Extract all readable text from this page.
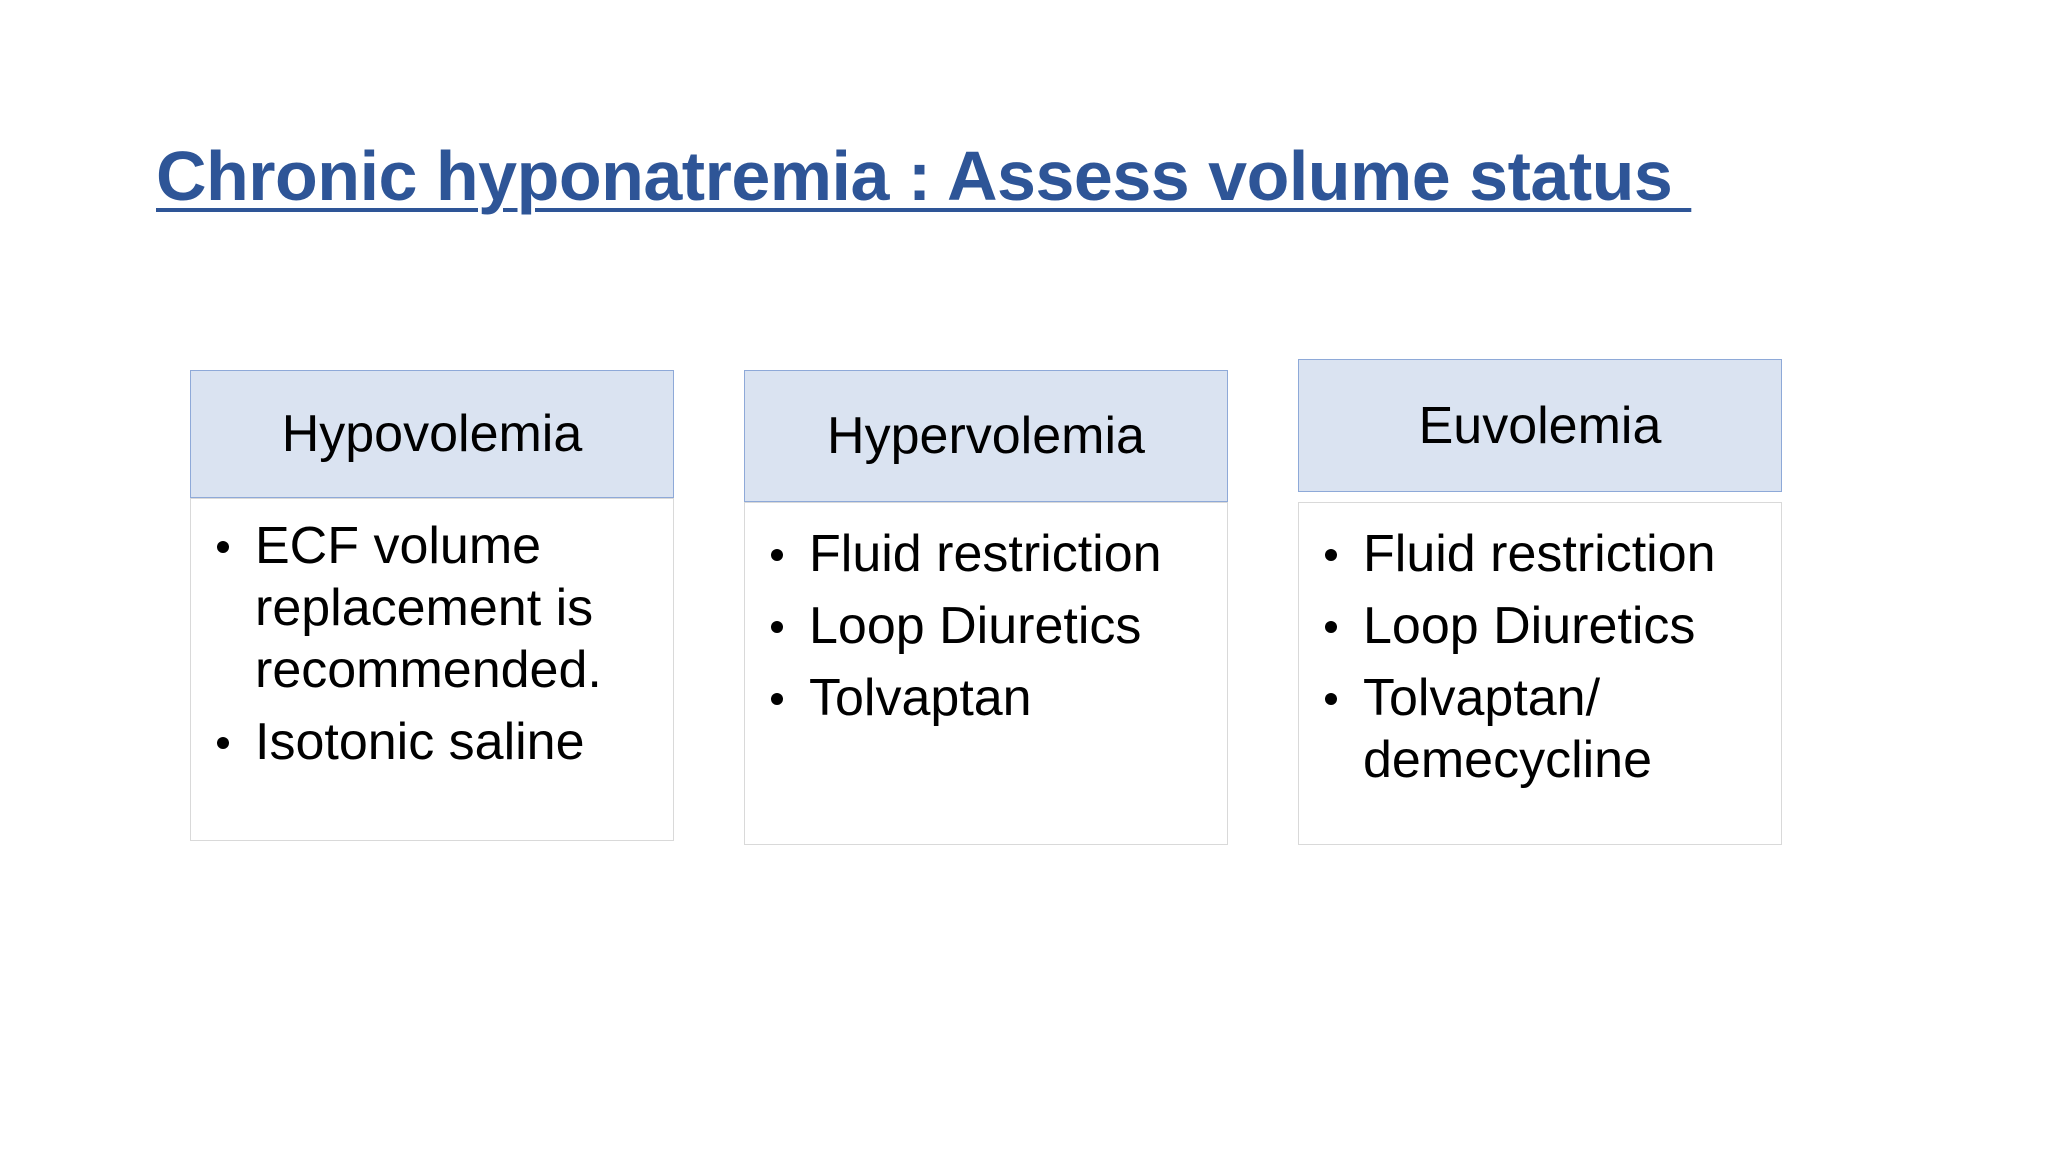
Chronic hyponatremia : Assess volume status
Hypovolemia
ECF volume replacement is recommended.
Isotonic saline
Hypervolemia
Fluid restriction
Loop Diuretics
Tolvaptan
Euvolemia
Fluid restriction
Loop Diuretics
Tolvaptan/ demecycline
